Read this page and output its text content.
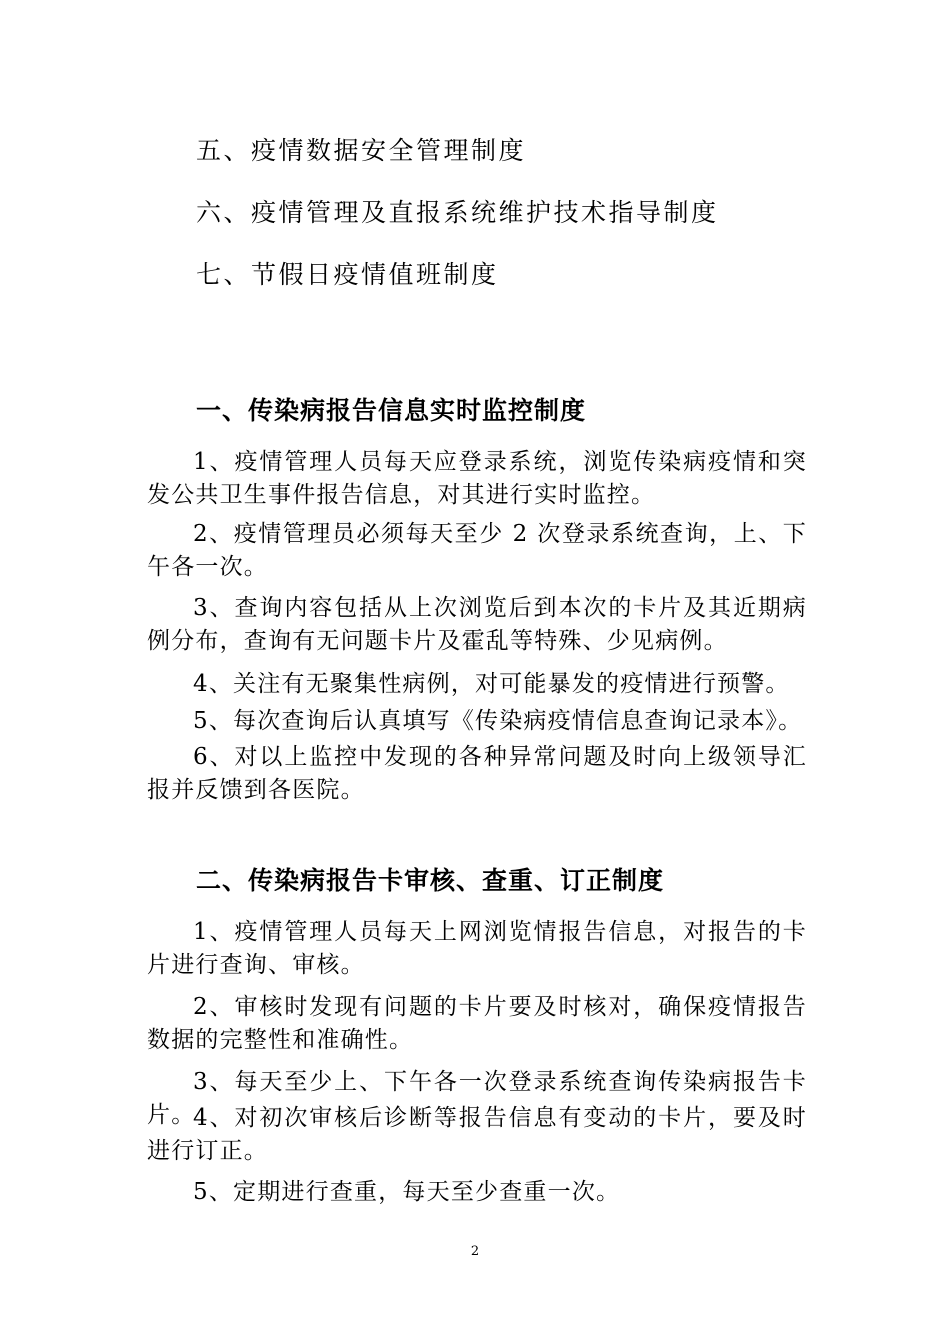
五、疫情数据安全管理制度
六、疫情管理及直报系统维护技术指导制度
七、节假日疫情值班制度
一、传染病报告信息实时监控制度

1、疫情管理人员每天应登录系统，浏览传染病疫情和突发公共卫生事件报告信息，对其进行实时监控。

2、疫情管理员必须每天至少 2 次登录系统查询，上、下午各一次。

3、查询内容包括从上次浏览后到本次的卡片及其近期病例分布，查询有无问题卡片及霍乱等特殊、少见病例。

4、关注有无聚集性病例，对可能暴发的疫情进行预警。

5、每次查询后认真填写《传染病疫情信息查询记录本》。

6、对以上监控中发现的各种异常问题及时向上级领导汇报并反馈到各医院。

二、传染病报告卡审核、查重、订正制度

1、疫情管理人员每天上网浏览情报告信息，对报告的卡片进行查询、审核。

2、审核时发现有问题的卡片要及时核对，确保疫情报告数据的完整性和准确性。

3、每天至少上、下午各一次登录系统查询传染病报告卡片。

4、对初次审核后诊断等报告信息有变动的卡片，要及时进行订正。

5、定期进行查重，每天至少查重一次。

2
